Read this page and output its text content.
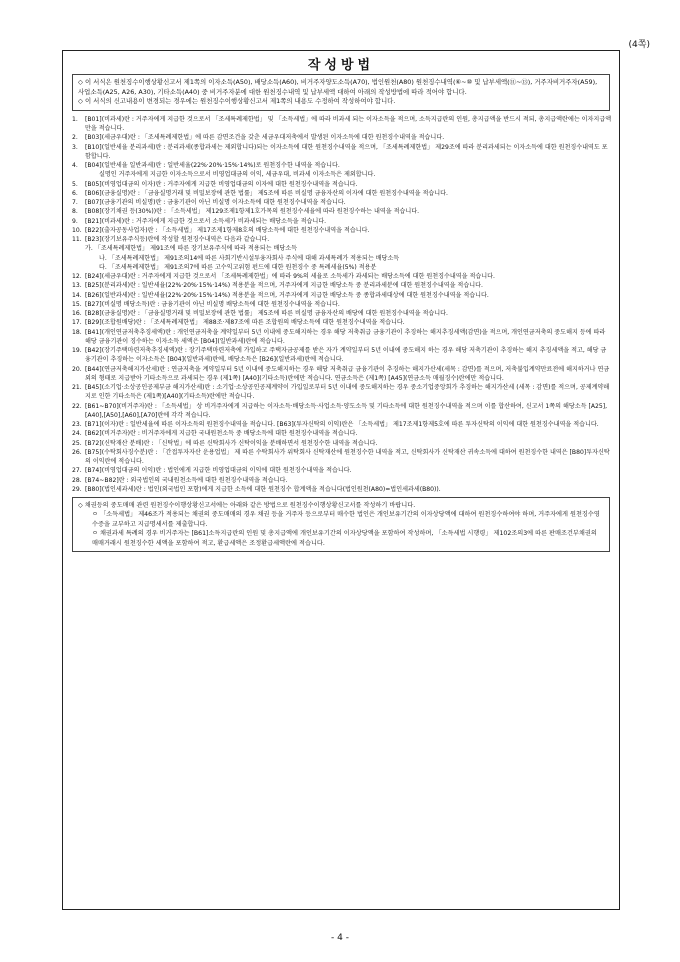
(4쪽)
작성방법
◇ 이 서식은 원천징수이행상황신고서 제1쪽의 이자소득(A50), 배당소득(A60), 비거주자양도소득(A70), 법인원천(A80) 원천징수내역(⑥~⑩ 및 납부세액(⑪~⑬), 거주자비거주자(A59), 사업소득(A25, A26, A30), 기타소득(A40) 중 비거주자분에 대한 원천징수내역 및 납부세액 대하여 아래의 작성방법에 따라 적어야 합니다.
◇ 이 서식의 신고내용이 변경되는 경우에는 원천징수이행상황신고서 제1쪽의 내용도 수정하여 작성하여야 합니다.
1.	[B01](비과세)란 : 거주자에게 지급한 것으로서 「조세특례제한법」 및 「소득세법」에 따라 비과세 되는 이자소득을 적으며, 소득지급란의 인원, 총지급액을 반드시 적되, 총지급액란에는 이자지급액만을 적습니다.
2.	[B03](세금우대)란 : 「조세특례제한법」에 따른 감면조건을 갖춘 세금우대저축에서 발생된 이자소득에 대한 원천징수내역을 적습니다.
3.	[B10](일반세율 분리과세)란 : 분리과세(종합과세는 제외합니다)되는 이자소득에 대한 원천징수내역을 적으며, 「조세특례제한법」 제29조에 따라 분리과세되는 이자소득에 대한 원천징수내역도 포함합니다.
4.	[B04](일반세율 일반과세)란 : 일반세율(22%·20%·15%·14%)로 원천징수한 내역을 적습니다.
실명인 거주자에게 지급한 이자소득으로서 비영업대금의 이익, 세금우대, 비과세 이자소득은 제외합니다.
5.	[B05](비영업대금의 이자)란 : 거주자에게 지급한 비영업대금의 이자에 대한 원천징수내역을 적습니다.
6.	[B06](금융실명)란 : 「금융실명거래 및 비밀보장에 관한 법률」 제5조에 따른 비실명 금융자산의 이자에 대한 원천징수내역을 적습니다.
7.	[B07](금융기관의 비실명)란 : 금융기관이 아닌 비실명 이자소득에 대한 원천징수내역을 적습니다.
8.	[B08](장기채권 등(30%))란 : 「소득세법」 제129조제1항제1호가목의 원천징수세율에 따라 원천징수하는 내역을 적습니다.
9.	[B21](비과세)란 : 거주자에게 지급한 것으로서 소득세가 비과세되는 배당소득을 적습니다.
10. [B22](출자공동사업자)란 : 「소득세법」 제17조제1항제8호의 배당소득에 대한 원천징수내역을 적습니다.
11. [B23](장기보유주식등)란에 작성할 원천징수내역은 다음과 같습니다.
가. 「조세특례제한법」 제91조에 따른 장기보유주식에 따라 적용되는 배당소득
나. 「조세특례제한법」 제91조의14에 따른 사회기반시설투융자회사 주식에 대해 과세특례가 적용되는 배당소득
다. 「조세특례제한법」 제91조의7에 따른 고수익고위험 펀드에 대한 원천징수 중 특례세율(5%) 적용분
12. [B24](세금우대)란 : 거주자에게 지급한 것으로서 「조세특례제한법」에 따라 9%의 세율로 소득세가 과세되는 배당소득에 대한 원천징수내역을 적습니다.
13. [B25](분리과세)란 : 일반세율(22%·20%·15%·14%) 적용분을 적으며, 거주자에게 지급한 배당소득 중 분리과세분에 대한 원천징수내역을 적습니다.
14. [B26](일반과세)란 : 일반세율(22%·20%·15%·14%) 적용분을 적으며, 거주자에게 지급한 배당소득 중 종합과세대상에 대한 원천징수내역을 적습니다.
15. [B27](비실명 배당소득)란 : 금융기관이 아닌 비실명 배당소득에 대한 원천징수내역을 적습니다.
16. [B28](금융실명)란 : 「금융실명거래 및 비밀보장에 관한 법률」 제5조에 따른 비실명 금융자산의 배당에 대한 원천징수내역을 적습니다.
17. [B29](조합원배당)란 : 「조세특례제한법」 제88조·제87조에 따른 조합원의 배당소득에 대한 원천징수내역을 적습니다.
18. [B41](개인연금저축추징세액)란 : 개인연금저축을 계약일부터 5년 이내에 중도해지하는 경우 해당 저축취급 금융기관이 추징하는 해지추징세액(감면)을 적으며, 개인연금저축의 중도해지 등에 따라 해당 금융기관이 징수하는 이자소득 세액은 [B04](일반과세)란에 적습니다.
19. [B42](장기주택마련저축추징세액)란 : 장기주택마련저축에 가입하고 주택자금공제를 받은 자가 계약일부터 5년 이내에 중도해지 하는 경우 해당 저축기관이 추징하는 해지 추징세액을 적고, 해당 금융기관이 추징하는 이자소득은 [B04](일반과세)란에, 배당소득은 [B26](일반과세)란에 적습니다.
20. [B44](연금저축해지가산세)란 : 연금저축을 계약일부터 5년 이내에 중도해지하는 경우 해당 저축취급 금융기관이 추징하는 해지가산세(세목 : 감면)를 적으며, 저축불입계약만료전에 해지하거나 연금 외의 형태로 지급받아 기타소득으로 과세되는 경우 (제1쪽) [A40](기타소득)란에만 적습니다. 연금소득은 (제1쪽) [A45](연금소득 매월징수)란에만 적습니다.
21. [B45](소기업·소상공인공제부금 해지가산세)란 : 소기업·소상공인공제계약이 가입일로부터 5년 이내에 중도해지하는 경우 중소기업중앙회가 추징하는 해지가산세 (세목 : 감면)를 적으며, 공제계약해지로 인한 기타소득은 (제1쪽)[A40](기타소득)란에만 적습니다.
22. [B61~B70](비거주자)란 : 「소득세법」 상 비거주자에게 지급하는 이자소득·배당소득·사업소득·양도소득 및 기타소득에 대한 원천징수내역을 적으며 이를 합산하여, 신고서 1쪽의 해당소득 [A25],[A40],[A50],[A60],[A70]란에 각각 적습니다.
23. [B71](이자)란 : 일반세율에 따른 이자소득의 원천징수내역을 적습니다. [B63](투자신탁의 이익)란은 「소득세법」 제17조제1항제5호에 따른 투자신탁의 이익에 대한 원천징수내역을 적습니다.
24. [B62](비거주자)란 : 비거주자에게 지급한 국내원천소득 중 배당소득에 대한 원천징수내역을 적습니다.
25. [B72](신탁재산 분배)란 : 「신탁법」에 따른 신탁회사가 신탁이익을 분배하면서 원천징수한 내역을 적습니다.
26. [B75](수탁회사징수분)란 : 「간접투자자산 운용업법」 제 따른 수탁회사가 위탁회사 신탁재산에 원천징수한 내역을 적고, 신탁회사가 신탁재산 귀속소득에 대하여 원천징수한 내역은 [B80]투자신탁의 이익란에 적습니다.
27. [B74](비영업대금의 이익)란 : 법인에게 지급한 비영업대금의 이익에 대한 원천징수내역을 적습니다.
28. [B74~B82]란 : 외국법인의 국내원천소득에 대한 원천징수내역을 적습니다.
29. [B80](법인세과세)란 : 법인(외국법인 포함)에게 지급한 소득에 대한 원천징수 합계액을 적습니다(법인원천(A80)=법인세과세(B80)).
◇ 채권등의 중도매매 관련 원천징수이행상황신고서에는 아래와 같은 방법으로 원천징수이행상황신고서를 작성하기 바랍니다.
ㅇ 「소득세법」 제46조가 적용되는 채권의 중도매매의 경우 채권 등을 거주자 등으로부터 매수한 법인은 개인보유기간의 이자상당액에 대하여 원천징수하여야 하며, 거주자에게 원천징수영수증을 교부하고 지급명세서를 제출합니다.
ㅇ 채권과세 특례의 경우 비거주자는 [B61]소득지급란의 인원 및 총지급액에 개인보유기간의 이자상당액을 포함하여 작성하며, 「소득세법 시행령」 제102조의3에 따른 판매조건부채권의 매매거래시 원천징수한 세액을 포함하여 적고, 환급세액은 조정환급세액란에 적습니다.
- 4 -
